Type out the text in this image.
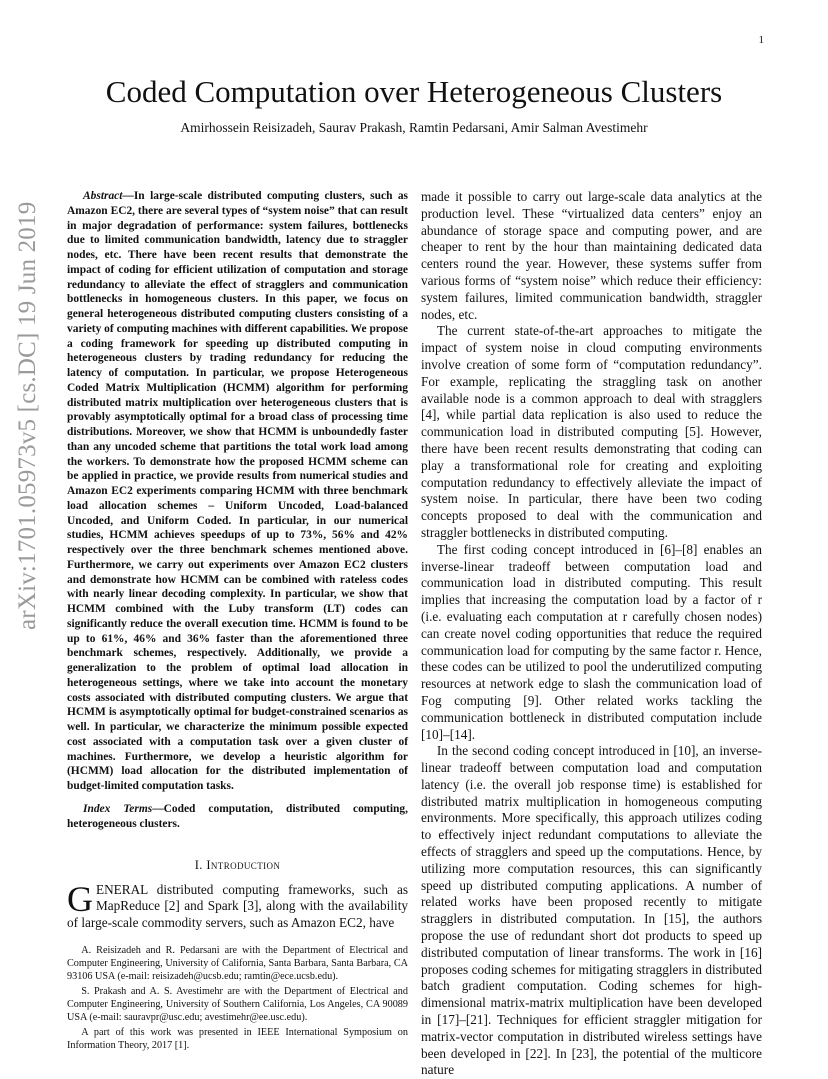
1
arXiv:1701.05973v5 [cs.DC] 19 Jun 2019
Coded Computation over Heterogeneous Clusters
Amirhossein Reisizadeh, Saurav Prakash, Ramtin Pedarsani, Amir Salman Avestimehr

Abstract—In large-scale distributed computing clusters, such as Amazon EC2, there are several types of “system noise” that can result in major degradation of performance: system failures, bottlenecks due to limited communication bandwidth, latency due to straggler nodes, etc. There have been recent results that demonstrate the impact of coding for efficient utilization of computation and storage redundancy to alleviate the effect of stragglers and communication bottlenecks in homogeneous clusters. In this paper, we focus on general heterogeneous distributed computing clusters consisting of a variety of computing machines with different capabilities. We propose a coding framework for speeding up distributed computing in heterogeneous clusters by trading redundancy for reducing the latency of computation. In particular, we propose Heterogeneous Coded Matrix Multiplication (HCMM) algorithm for performing distributed matrix multiplication over heterogeneous clusters that is provably asymptotically optimal for a broad class of processing time distributions. Moreover, we show that HCMM is unboundedly faster than any uncoded scheme that partitions the total work load among the workers. To demonstrate how the proposed HCMM scheme can be applied in practice, we provide results from numerical studies and Amazon EC2 experiments comparing HCMM with three benchmark load allocation schemes – Uniform Uncoded, Load-balanced Uncoded, and Uniform Coded. In particular, in our numerical studies, HCMM achieves speedups of up to 73%, 56% and 42% respectively over the three benchmark schemes mentioned above. Furthermore, we carry out experiments over Amazon EC2 clusters and demonstrate how HCMM can be combined with rateless codes with nearly linear decoding complexity. In particular, we show that HCMM combined with the Luby transform (LT) codes can significantly reduce the overall execution time. HCMM is found to be up to 61%, 46% and 36% faster than the aforementioned three benchmark schemes, respectively. Additionally, we provide a generalization to the problem of optimal load allocation in heterogeneous settings, where we take into account the monetary costs associated with distributed computing clusters. We argue that HCMM is asymptotically optimal for budget-constrained scenarios as well. In particular, we characterize the minimum possible expected cost associated with a computation task over a given cluster of machines. Furthermore, we develop a heuristic algorithm for (HCMM) load allocation for the distributed implementation of budget-limited computation tasks.

Index Terms—Coded computation, distributed computing, heterogeneous clusters.

I. Introduction

GENERAL distributed computing frameworks, such as MapReduce [2] and Spark [3], along with the availability of large-scale commodity servers, such as Amazon EC2, have

A. Reisizadeh and R. Pedarsani are with the Department of Electrical and Computer Engineering, University of California, Santa Barbara, Santa Barbara, CA 93106 USA (e-mail: reisizadeh@ucsb.edu; ramtin@ece.ucsb.edu).

S. Prakash and A. S. Avestimehr are with the Department of Electrical and Computer Engineering, University of Southern California, Los Angeles, CA 90089 USA (e-mail: sauravpr@usc.edu; avestimehr@ee.usc.edu).

A part of this work was presented in IEEE International Symposium on Information Theory, 2017 [1].

made it possible to carry out large-scale data analytics at the production level. These “virtualized data centers” enjoy an abundance of storage space and computing power, and are cheaper to rent by the hour than maintaining dedicated data centers round the year. However, these systems suffer from various forms of “system noise” which reduce their efficiency: system failures, limited communication bandwidth, straggler nodes, etc.

The current state-of-the-art approaches to mitigate the impact of system noise in cloud computing environments involve creation of some form of “computation redundancy”. For example, replicating the straggling task on another available node is a common approach to deal with stragglers [4], while partial data replication is also used to reduce the communication load in distributed computing [5]. However, there have been recent results demonstrating that coding can play a transformational role for creating and exploiting computation redundancy to effectively alleviate the impact of system noise. In particular, there have been two coding concepts proposed to deal with the communication and straggler bottlenecks in distributed computing.

The first coding concept introduced in [6]–[8] enables an inverse-linear tradeoff between computation load and communication load in distributed computing. This result implies that increasing the computation load by a factor of r (i.e. evaluating each computation at r carefully chosen nodes) can create novel coding opportunities that reduce the required communication load for computing by the same factor r. Hence, these codes can be utilized to pool the underutilized computing resources at network edge to slash the communication load of Fog computing [9]. Other related works tackling the communication bottleneck in distributed computation include [10]–[14].

In the second coding concept introduced in [10], an inverse-linear tradeoff between computation load and computation latency (i.e. the overall job response time) is established for distributed matrix multiplication in homogeneous computing environments. More specifically, this approach utilizes coding to effectively inject redundant computations to alleviate the effects of stragglers and speed up the computations. Hence, by utilizing more computation resources, this can significantly speed up distributed computing applications. A number of related works have been proposed recently to mitigate stragglers in distributed computation. In [15], the authors propose the use of redundant short dot products to speed up distributed computation of linear transforms. The work in [16] proposes coding schemes for mitigating stragglers in distributed batch gradient computation. Coding schemes for high-dimensional matrix-matrix multiplication have been developed in [17]–[21]. Techniques for efficient straggler mitigation for matrix-vector computation in distributed wireless settings have been developed in [22]. In [23], the potential of the multicore nature
